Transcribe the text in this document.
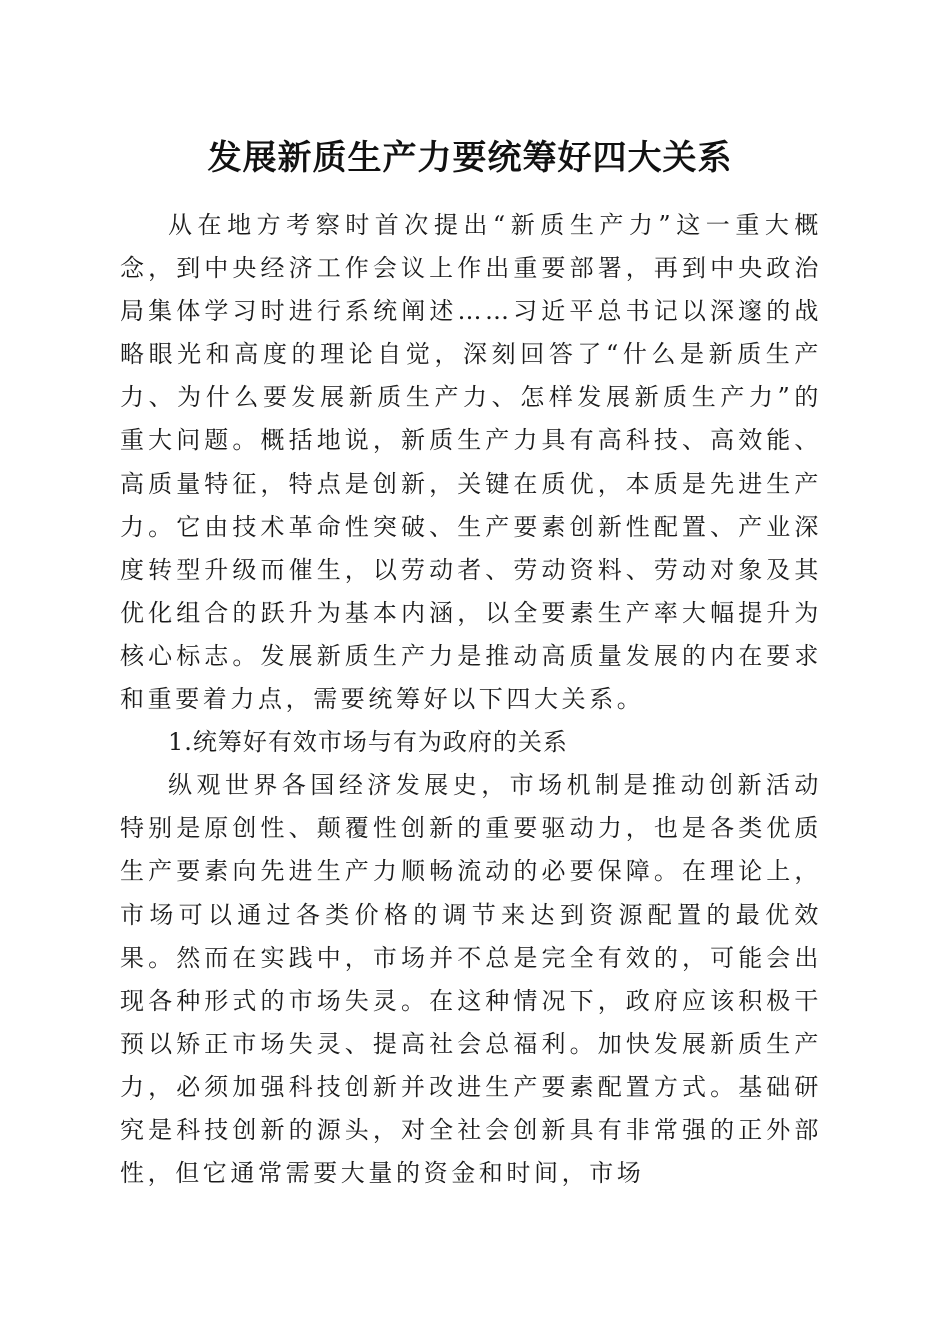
发展新质生产力要统筹好四大关系

从在地方考察时首次提出“新质生产力”这一重大概念，到中央经济工作会议上作出重要部署，再到中央政治局集体学习时进行系统阐述……习近平总书记以深邃的战略眼光和高度的理论自觉，深刻回答了“什么是新质生产力、为什么要发展新质生产力、怎样发展新质生产力”的重大问题。概括地说，新质生产力具有高科技、高效能、高质量特征，特点是创新，关键在质优，本质是先进生产力。它由技术革命性突破、生产要素创新性配置、产业深度转型升级而催生，以劳动者、劳动资料、劳动对象及其优化组合的跃升为基本内涵，以全要素生产率大幅提升为核心标志。发展新质生产力是推动高质量发展的内在要求和重要着力点，需要统筹好以下四大关系。

1.统筹好有效市场与有为政府的关系

纵观世界各国经济发展史，市场机制是推动创新活动特别是原创性、颠覆性创新的重要驱动力，也是各类优质生产要素向先进生产力顺畅流动的必要保障。在理论上，市场可以通过各类价格的调节来达到资源配置的最优效果。然而在实践中，市场并不总是完全有效的，可能会出现各种形式的市场失灵。在这种情况下，政府应该积极干预以矫正市场失灵、提高社会总福利。加快发展新质生产力，必须加强科技创新并改进生产要素配置方式。基础研究是科技创新的源头，对全社会创新具有非常强的正外部性，但它通常需要大量的资金和时间，市场
